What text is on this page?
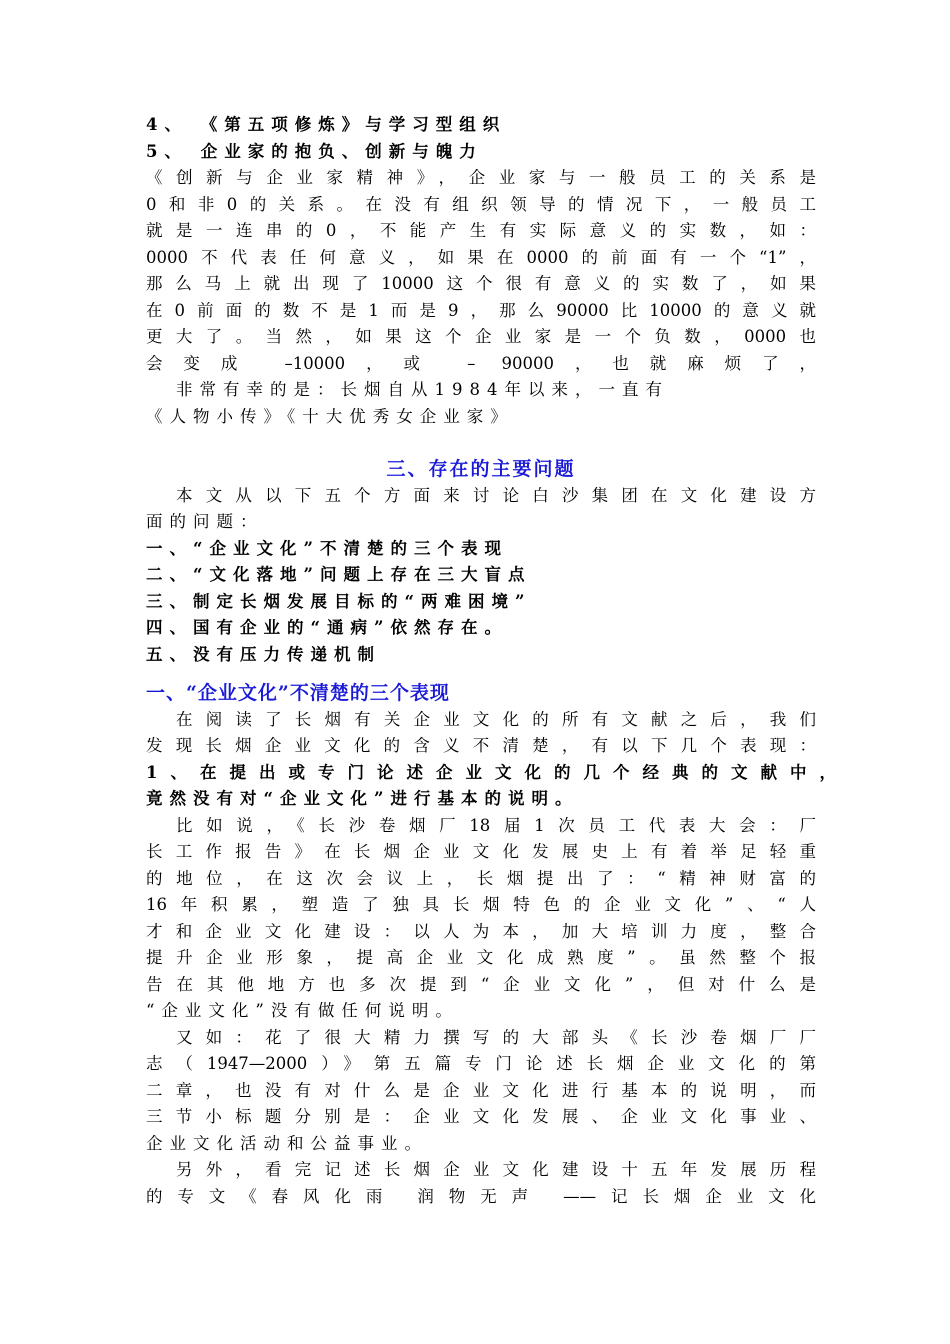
4、 《第五项修炼》与学习型组织
5、 企业家的抱负、创新与魄力
《创新与企业家精神》，企业家与一般员工的关系是
0和非0的关系。在没有组织领导的情况下，一般员工
就是一连串的0，不能产生有实际意义的实数，如：
0000不代表任何意义，如果在0000的前面有一个“1”，
那么马上就出现了10000这个很有意义的实数了，如果
在0前面的数不是1而是9，那么90000比10000的意义就
更大了。当然，如果这个企业家是一个负数，0000也
会变成 –10000，或 – 90000，也就麻烦了，
非常有幸的是：长烟自从1984年以来，一直有
《人物小传》《十大优秀女企业家》
三、存在的主要问题
本文从以下五个方面来讨论白沙集团在文化建设方
面的问题：
一、“企业文化”不清楚的三个表现
二、“文化落地”问题上存在三大盲点
三、制定长烟发展目标的“两难困境”
四、国有企业的“通病”依然存在。
五、没有压力传递机制
一、“企业文化”不清楚的三个表现
在阅读了长烟有关企业文化的所有文献之后，我们
发现长烟企业文化的含义不清楚，有以下几个表现：
1、在提出或专门论述企业文化的几个经典的文献中，
竟然没有对“企业文化”进行基本的说明。
比如说，《长沙卷烟厂18届1次员工代表大会：厂
长工作报告》在长烟企业文化发展史上有着举足轻重
的地位，在这次会议上，长烟提出了：“精神财富的
16年积累，塑造了独具长烟特色的企业文化”、“人
才和企业文化建设：以人为本，加大培训力度，整合
提升企业形象，提高企业文化成熟度”。虽然整个报
告在其他地方也多次提到“企业文化”，但对什么是
“企业文化”没有做任何说明。
又如：花了很大精力撰写的大部头《长沙卷烟厂厂
志（1947—2000）》第五篇专门论述长烟企业文化的第
二章，也没有对什么是企业文化进行基本的说明，而
三节小标题分别是：企业文化发展、企业文化事业、
企业文化活动和公益事业。
另外，看完记述长烟企业文化建设十五年发展历程
的专文《春风化雨 润物无声 ——记长烟企业文化
